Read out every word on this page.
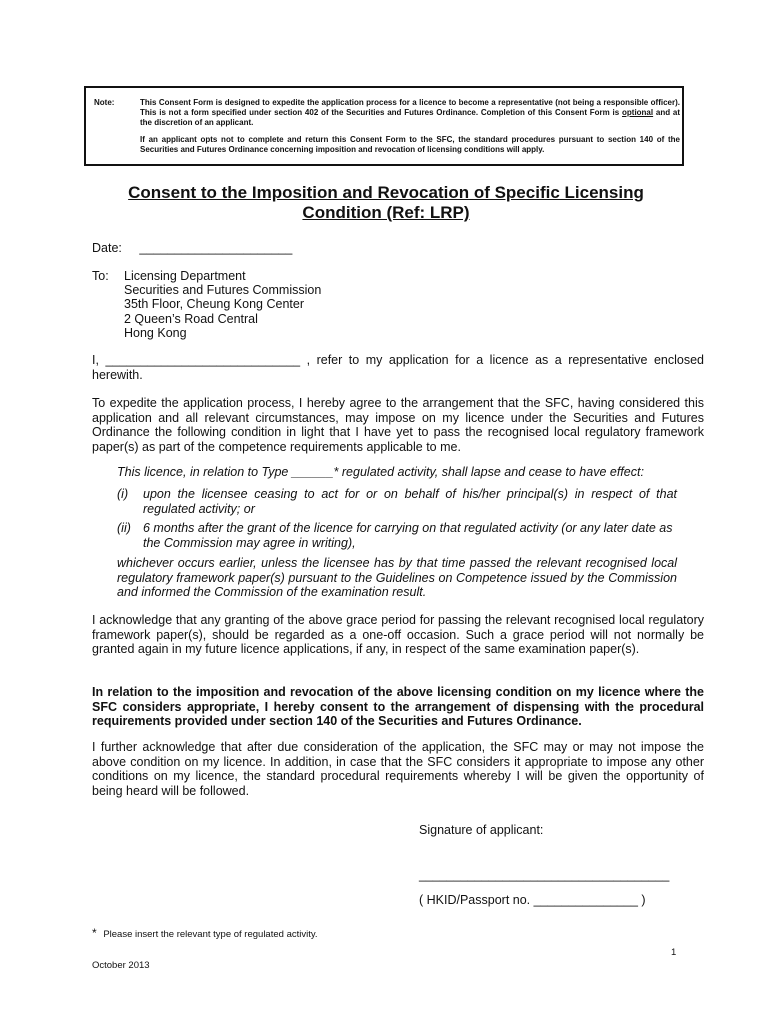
Note:	This Consent Form is designed to expedite the application process for a licence to become a representative (not being a responsible officer). This is not a form specified under section 402 of the Securities and Futures Ordinance. Completion of this Consent Form is optional and at the discretion of an applicant.

If an applicant opts not to complete and return this Consent Form to the SFC, the standard procedures pursuant to section 140 of the Securities and Futures Ordinance concerning imposition and revocation of licensing conditions will apply.

Consent to the Imposition and Revocation of Specific Licensing
Condition (Ref: LRP)
Date: ______________________
To:	Licensing Department
Securities and Futures Commission
35th Floor, Cheung Kong Center
2 Queen’s Road Central
Hong Kong
I, ____________________________ , refer to my application for a licence as a representative enclosed herewith.
To expedite the application process, I hereby agree to the arrangement that the SFC, having considered this application and all relevant circumstances, may impose on my licence under the Securities and Futures Ordinance the following condition in light that I have yet to pass the recognised local regulatory framework paper(s) as part of the competence requirements applicable to me.
This licence, in relation to Type ______* regulated activity, shall lapse and cease to have effect:
(i)	upon the licensee ceasing to act for or on behalf of his/her principal(s) in respect of that regulated activity; or
(ii) 6 months after the grant of the licence for carrying on that regulated activity (or any later date as the Commission may agree in writing),
whichever occurs earlier, unless the licensee has by that time passed the relevant recognised local regulatory framework paper(s) pursuant to the Guidelines on Competence issued by the Commission and informed the Commission of the examination result.
I acknowledge that any granting of the above grace period for passing the relevant recognised local regulatory framework paper(s), should be regarded as a one-off occasion. Such a grace period will not normally be granted again in my future licence applications, if any, in respect of the same examination paper(s).
In relation to the imposition and revocation of the above licensing condition on my licence where the SFC considers appropriate, I hereby consent to the arrangement of dispensing with the procedural requirements provided under section 140 of the Securities and Futures Ordinance.
I further acknowledge that after due consideration of the application, the SFC may or may not impose the above condition on my licence. In addition, in case that the SFC considers it appropriate to impose any other conditions on my licence, the standard procedural requirements whereby I will be given the opportunity of being heard will be followed.
Signature of applicant:
____________________________________
( HKID/Passport no. _______________ )
* Please insert the relevant type of regulated activity.
1
October 2013
